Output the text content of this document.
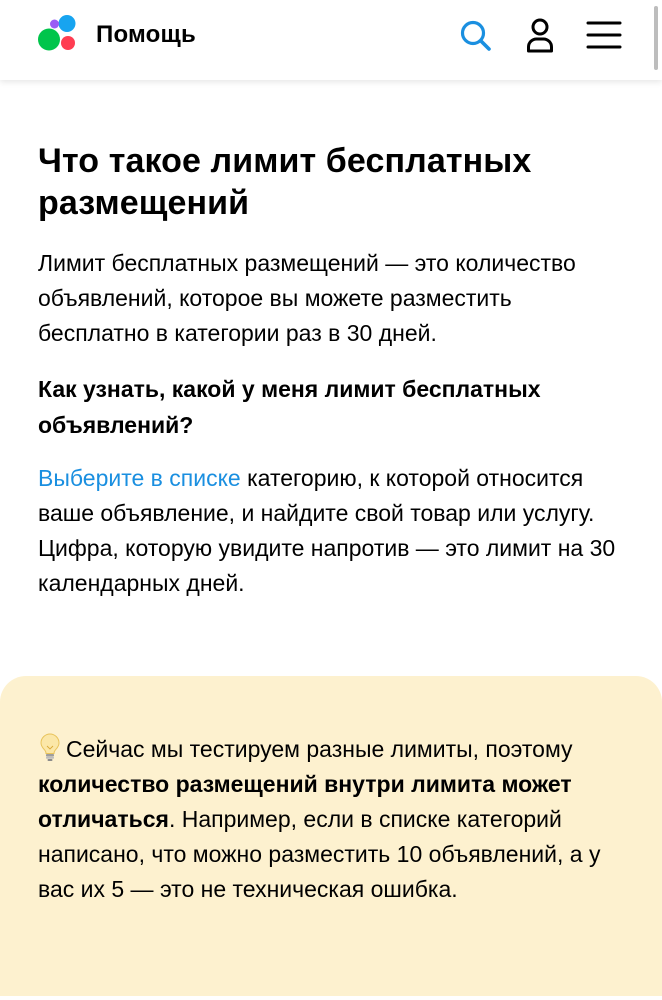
Помощь
Что такое лимит бесплатных размещений

Лимит бесплатных размещений — это количество объявлений, которое вы можете разместить бесплатно в категории раз в 30 дней.

Как узнать, какой у меня лимит бесплатных объявлений?

Выберите в списке категорию, к которой относится ваше объявление, и найдите свой товар или услугу. Цифра, которую увидите напротив — это лимит на 30 календарных дней.

Сейчас мы тестируем разные лимиты, поэтому количество размещений внутри лимита может отличаться. Например, если в списке категорий написано, что можно разместить 10 объявлений, а у вас их 5 — это не техническая ошибка.
